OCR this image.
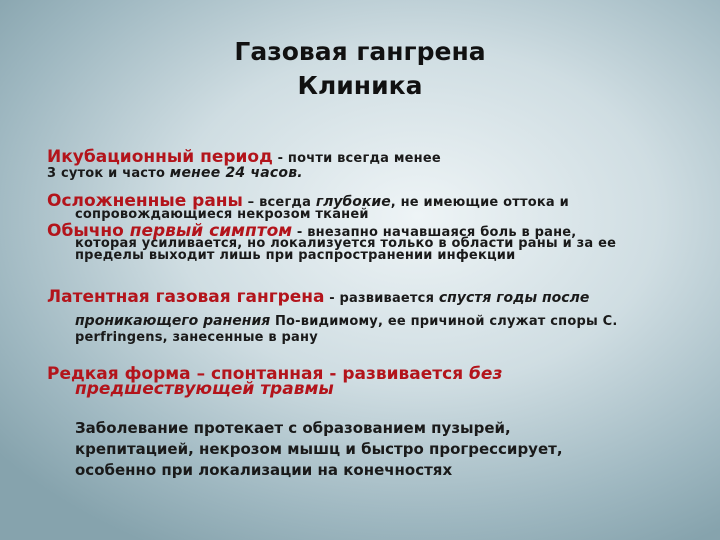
Газовая гангрена
Клиника

Икубационный период - почти всегда менее

3 суток и часто менее 24 часов.

Осложненные раны – всегда глубокие, не имеющие оттока и

сопровождающиеся некрозом тканей

Обычно первый симптом - внезапно начавшаяся боль в ране,

которая усиливается, но локализуется только в области раны и за ее

пределы выходит лишь при распространении инфекции

Латентная газовая гангрена - развивается спустя годы после

проникающего ранения По-видимому, ее причиной служат споры С.

perfringens, занесенные в рану

Редкая форма – спонтанная - развивается без

предшествующей травмы

Заболевание протекает с образованием пузырей,

крепитацией, некрозом мышц и быстро прогрессирует,

особенно при локализации на конечностях
